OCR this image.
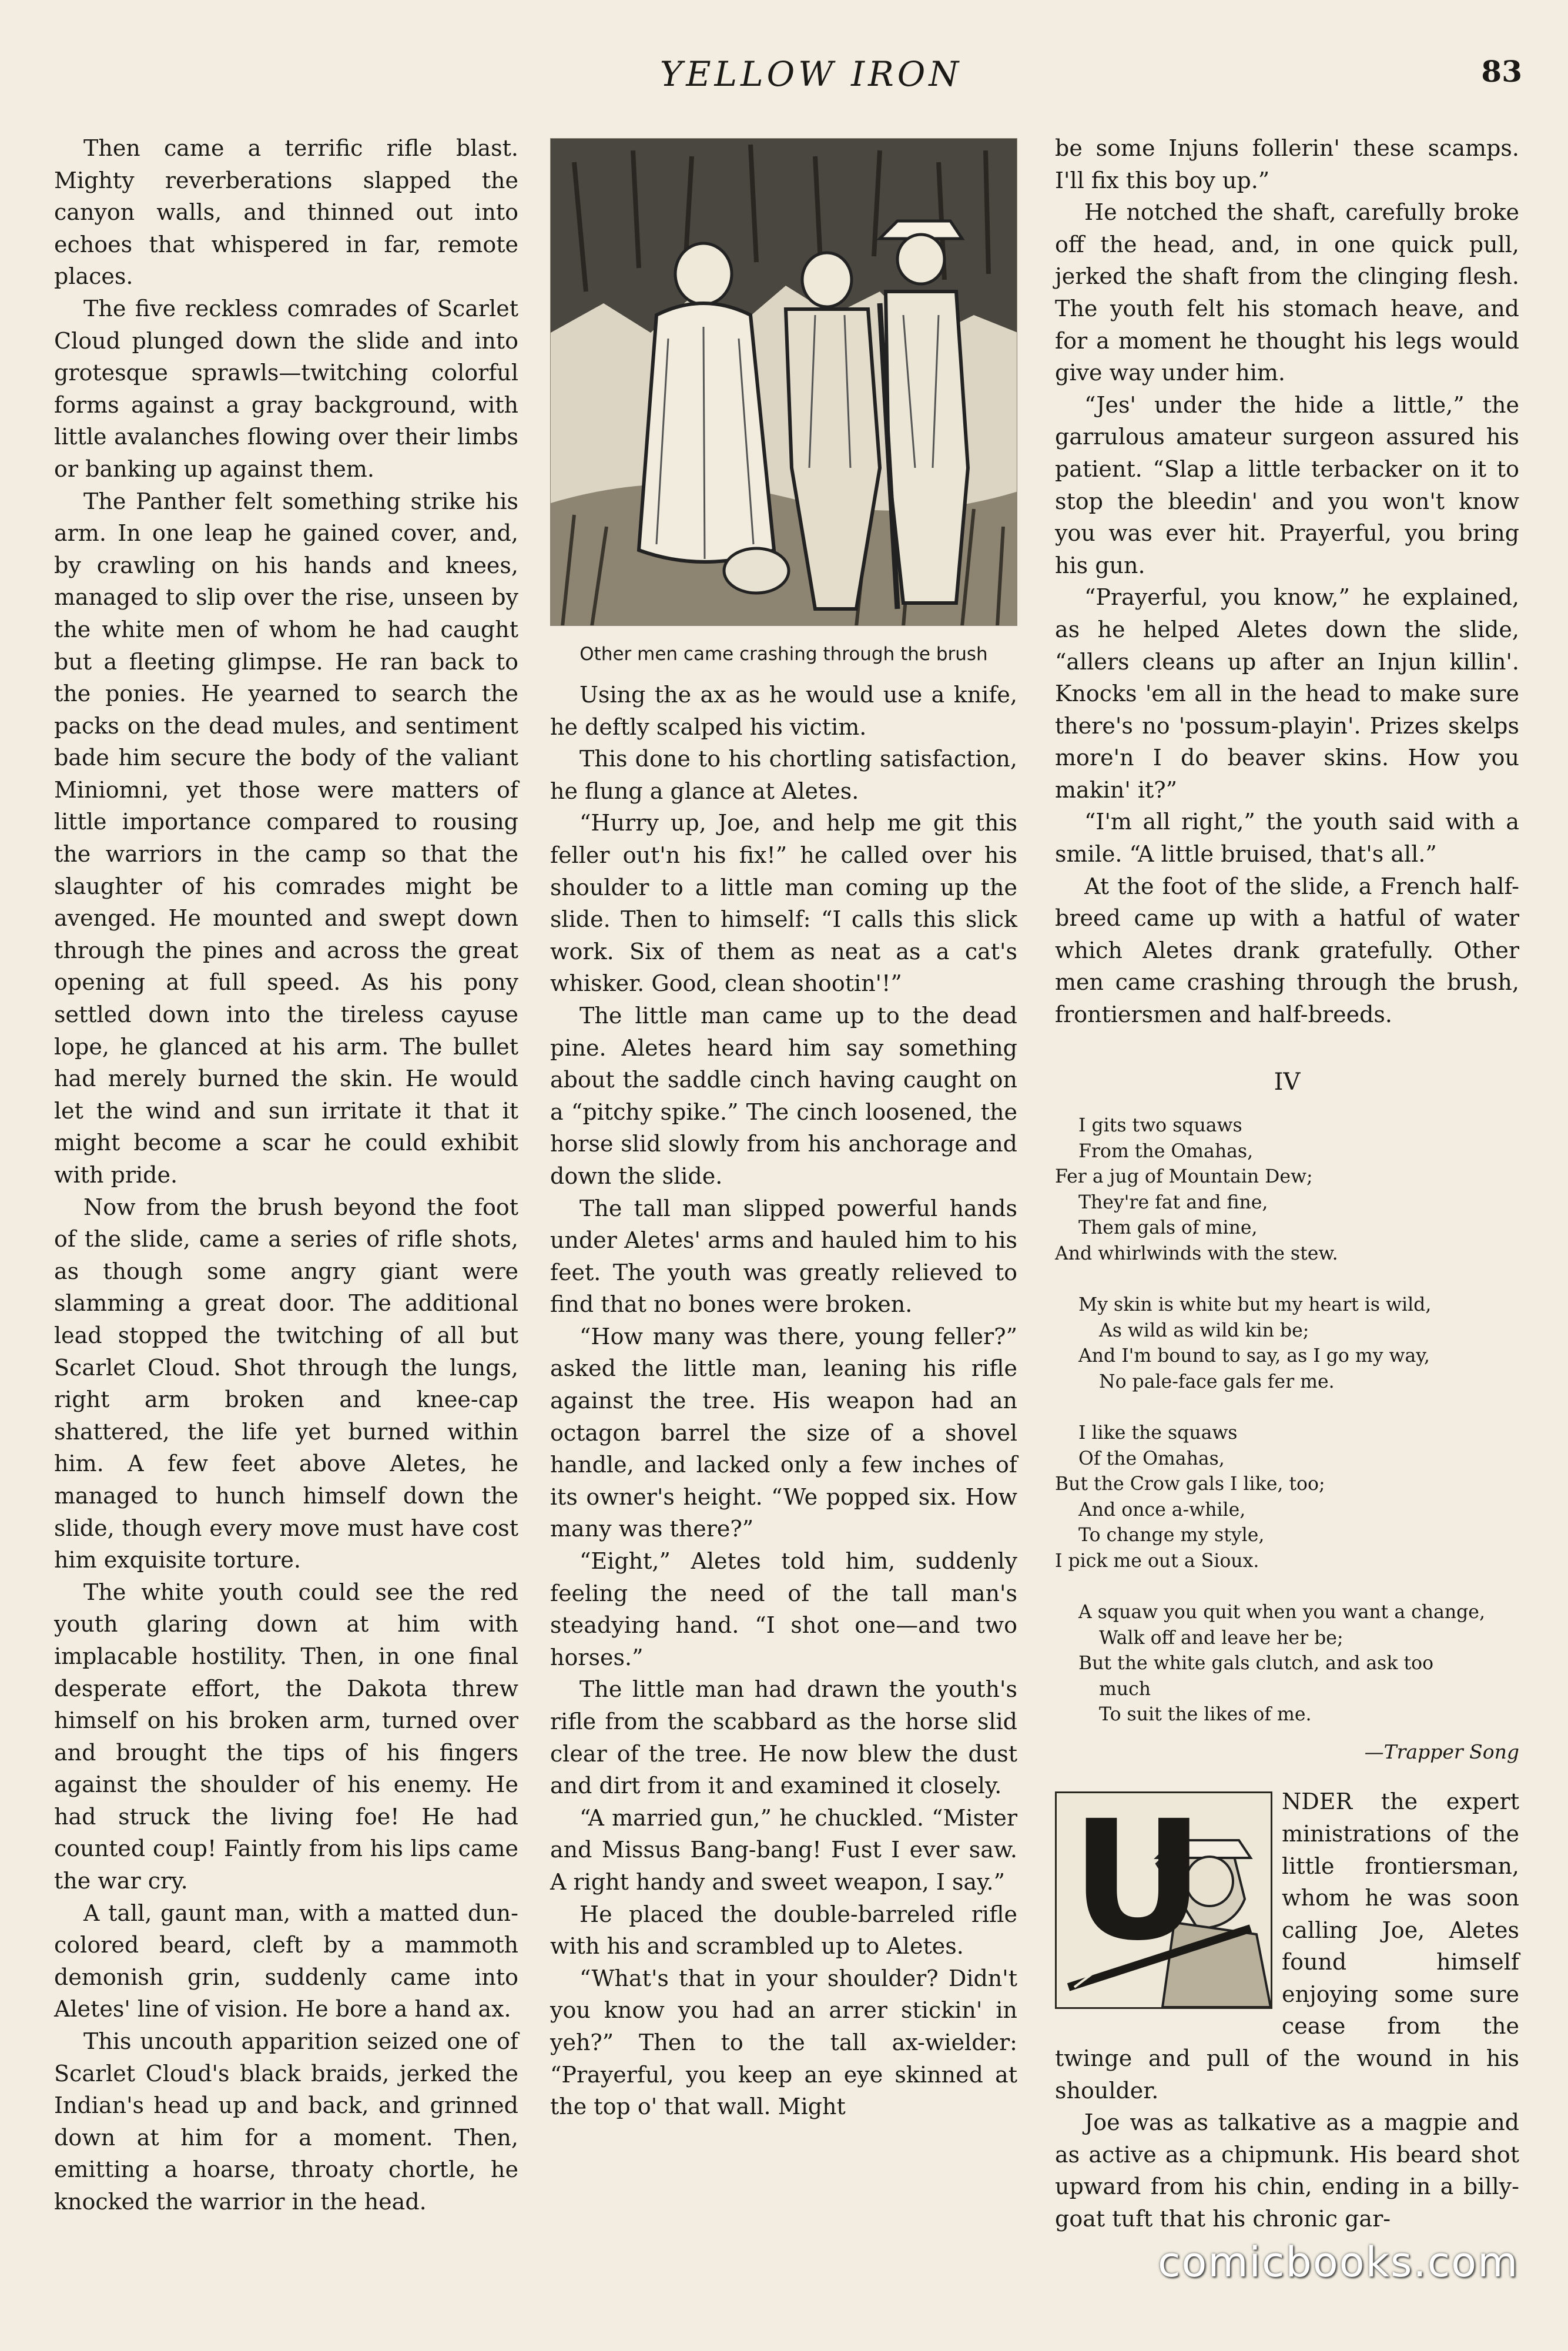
YELLOW IRON	83

Then came a terrific rifle blast. Mighty reverberations slapped the canyon walls, and thinned out into echoes that whispered in far, remote places.

The five reckless comrades of Scarlet Cloud plunged down the slide and into grotesque sprawls—twitching colorful forms against a gray background, with little avalanches flowing over their limbs or banking up against them.

The Panther felt something strike his arm. In one leap he gained cover, and, by crawling on his hands and knees, managed to slip over the rise, unseen by the white men of whom he had caught but a fleeting glimpse. He ran back to the ponies. He yearned to search the packs on the dead mules, and sentiment bade him secure the body of the valiant Miniomni, yet those were matters of little importance compared to rousing the warriors in the camp so that the slaughter of his comrades might be avenged. He mounted and swept down through the pines and across the great opening at full speed. As his pony settled down into the tireless cayuse lope, he glanced at his arm. The bullet had merely burned the skin. He would let the wind and sun irritate it that it might become a scar he could exhibit with pride.

Now from the brush beyond the foot of the slide, came a series of rifle shots, as though some angry giant were slamming a great door. The additional lead stopped the twitching of all but Scarlet Cloud. Shot through the lungs, right arm broken and knee-cap shattered, the life yet burned within him. A few feet above Aletes, he managed to hunch himself down the slide, though every move must have cost him exquisite torture.

The white youth could see the red youth glaring down at him with implacable hostility. Then, in one final desperate effort, the Dakota threw himself on his broken arm, turned over and brought the tips of his fingers against the shoulder of his enemy. He had struck the living foe! He had counted coup! Faintly from his lips came the war cry.

A tall, gaunt man, with a matted dun-colored beard, cleft by a mammoth demonish grin, suddenly came into Aletes' line of vision. He bore a hand ax.

This uncouth apparition seized one of Scarlet Cloud's black braids, jerked the Indian's head up and back, and grinned down at him for a moment. Then, emitting a hoarse, throaty chortle, he knocked the warrior in the head.

Other men came crashing through the brush

Using the ax as he would use a knife, he deftly scalped his victim.

This done to his chortling satisfaction, he flung a glance at Aletes.

“Hurry up, Joe, and help me git this feller out'n his fix!” he called over his shoulder to a little man coming up the slide. Then to himself: “I calls this slick work. Six of them as neat as a cat's whisker. Good, clean shootin'!”

The little man came up to the dead pine. Aletes heard him say something about the saddle cinch having caught on a “pitchy spike.” The cinch loosened, the horse slid slowly from his anchorage and down the slide.

The tall man slipped powerful hands under Aletes' arms and hauled him to his feet. The youth was greatly relieved to find that no bones were broken.

“How many was there, young feller?” asked the little man, leaning his rifle against the tree. His weapon had an octagon barrel the size of a shovel handle, and lacked only a few inches of its owner's height. “We popped six. How many was there?”

“Eight,” Aletes told him, suddenly feeling the need of the tall man's steadying hand. “I shot one—and two horses.”

The little man had drawn the youth's rifle from the scabbard as the horse slid clear of the tree. He now blew the dust and dirt from it and examined it closely.

“A married gun,” he chuckled. “Mister and Missus Bang-bang! Fust I ever saw. A right handy and sweet weapon, I say.”

He placed the double-barreled rifle with his and scrambled up to Aletes.

“What's that in your shoulder? Didn't you know you had an arrer stickin' in yeh?” Then to the tall ax-wielder: “Prayerful, you keep an eye skinned at the top o' that wall. Might

be some Injuns follerin' these scamps. I'll fix this boy up.”

He notched the shaft, carefully broke off the head, and, in one quick pull, jerked the shaft from the clinging flesh. The youth felt his stomach heave, and for a moment he thought his legs would give way under him.

“Jes' under the hide a little,” the garrulous amateur surgeon assured his patient. “Slap a little terbacker on it to stop the bleedin' and you won't know you was ever hit. Prayerful, you bring his gun.

“Prayerful, you know,” he explained, as he helped Aletes down the slide, “allers cleans up after an Injun killin'. Knocks 'em all in the head to make sure there's no 'possum-playin'. Prizes skelps more'n I do beaver skins. How you makin' it?”

“I'm all right,” the youth said with a smile. “A little bruised, that's all.”

At the foot of the slide, a French half-breed came up with a hatful of water which Aletes drank gratefully. Other men came crashing through the brush, frontiersmen and half-breeds.

IV
I gits two squaws
From the Omahas,
Fer a jug of Mountain Dew;
They're fat and fine,
Them gals of mine,
And whirlwinds with the stew.
My skin is white but my heart is wild,
As wild as wild kin be;
And I'm bound to say, as I go my way,
No pale-face gals fer me.
I like the squaws
Of the Omahas,
But the Crow gals I like, too;
And once a-while,
To change my style,
I pick me out a Sioux.
A squaw you quit when you want a change,
Walk off and leave her be;
But the white gals clutch, and ask too
much
To suit the likes of me.
—Trapper Song
U	NDER the expert ministrations of the little frontiersman, whom he was soon calling Joe, Aletes found himself enjoying some sure cease from the twinge and pull of the wound in his shoulder.

Joe was as talkative as a magpie and as active as a chipmunk. His beard shot upward from his chin, ending in a billy-goat tuft that his chronic gar-

comicbooks.com
